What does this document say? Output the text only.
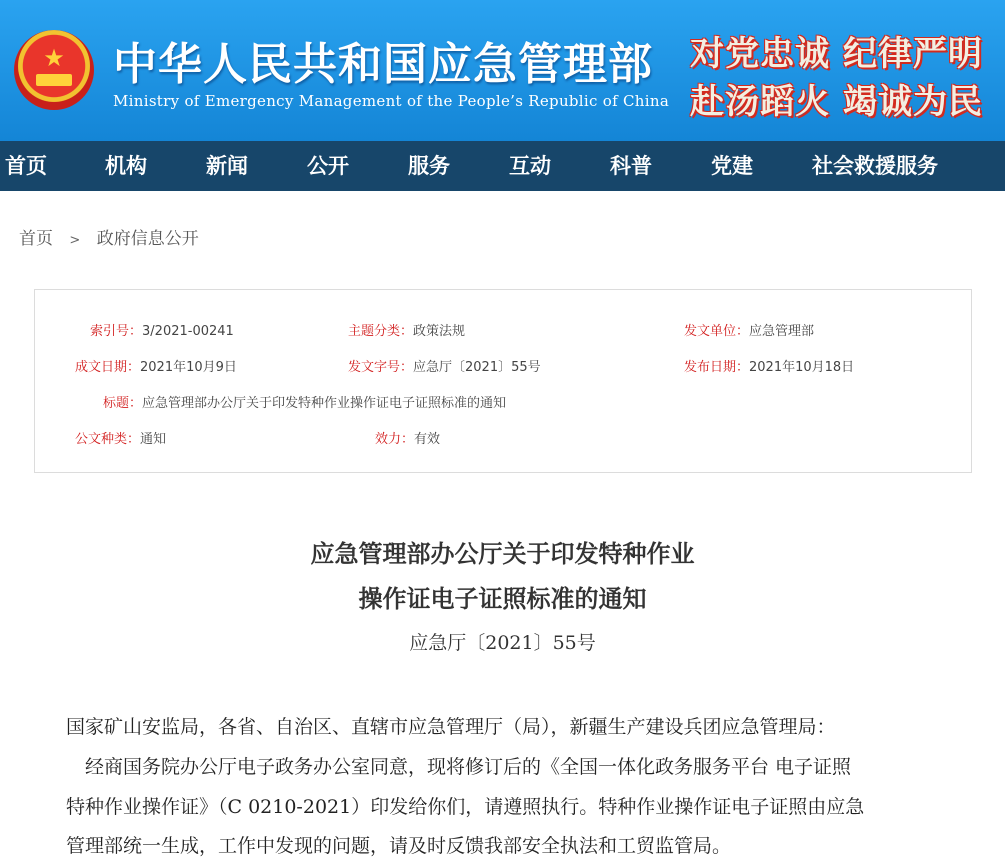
★	中华人民共和国应急管理部
Ministry of Emergency Management of the People’s Republic of China
对党忠诚 纪律严明
赴汤蹈火 竭诚为民
首页	机构	新闻	公开	服务	互动	科普	党建	社会救援服务
首页 > 政府信息公开
索引号：3/2021-00241	主题分类：政策法规	发文单位：应急管理部
成文日期：2021年10月9日	发文字号：应急厅〔2021〕55号	发布日期：2021年10月18日
标题：应急管理部办公厅关于印发特种作业操作证电子证照标准的通知
公文种类：通知	效力：有效
应急管理部办公厅关于印发特种作业
操作证电子证照标准的通知
应急厅〔2021〕55号
国家矿山安监局，各省、自治区、直辖市应急管理厅（局），新疆生产建设兵团应急管理局：
　经商国务院办公厅电子政务办公室同意，现将修订后的《全国一体化政务服务平台 电子证照
特种作业操作证》（C 0210-2021）印发给你们，请遵照执行。特种作业操作证电子证照由应急
管理部统一生成，工作中发现的问题，请及时反馈我部安全执法和工贸监管局。
